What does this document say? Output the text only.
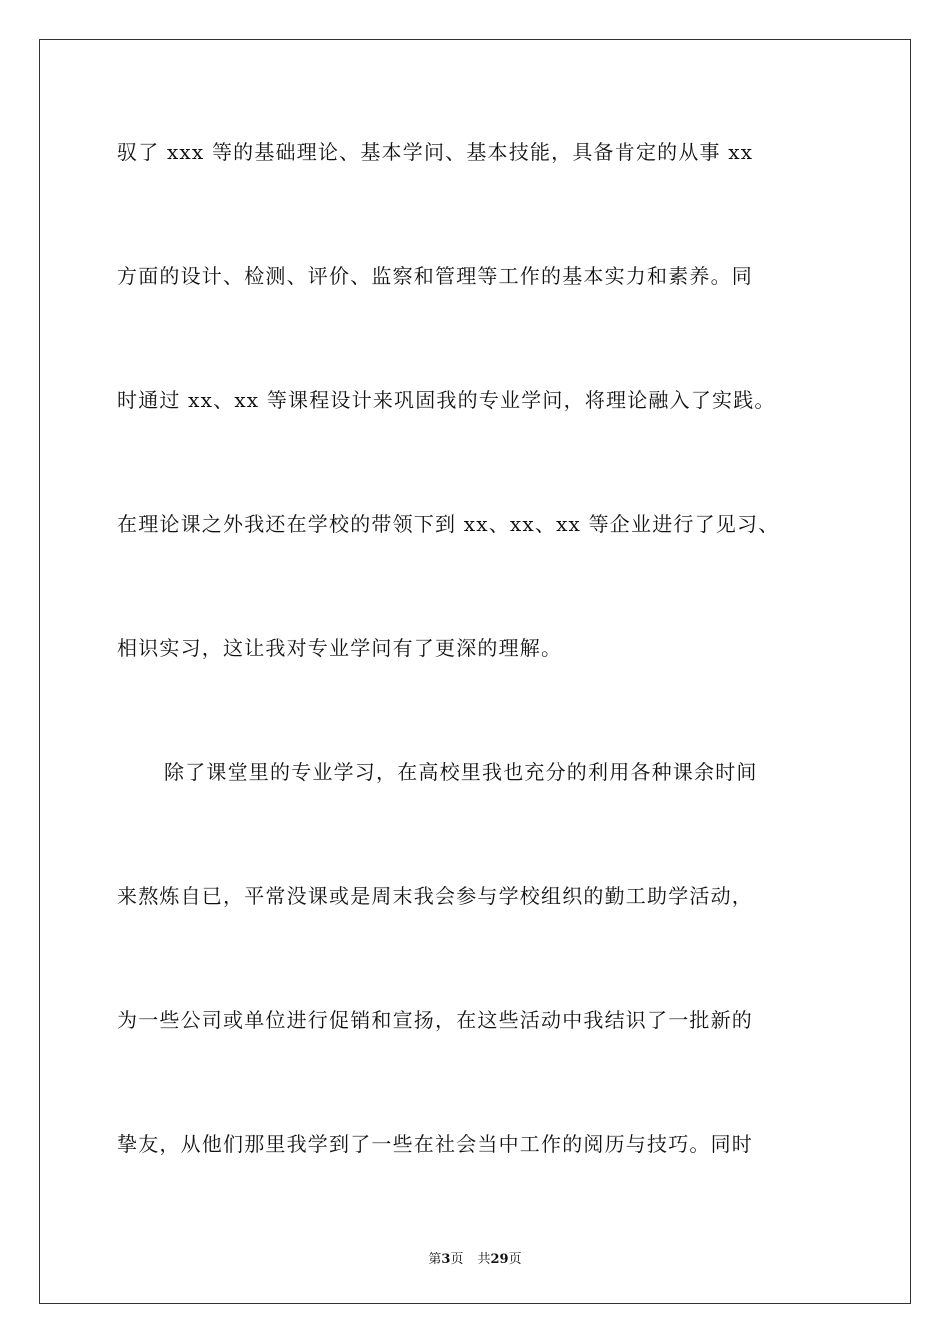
驭了 xxx 等的基础理论、基本学问、基本技能，具备肯定的从事 xx
方面的设计、检测、评价、监察和管理等工作的基本实力和素养。同
时通过 xx、xx 等课程设计来巩固我的专业学问，将理论融入了实践。
在理论课之外我还在学校的带领下到 xx、xx、xx 等企业进行了见习、
相识实习，这让我对专业学问有了更深的理解。
除了课堂里的专业学习，在高校里我也充分的利用各种课余时间
来熬炼自已，平常没课或是周末我会参与学校组织的勤工助学活动，
为一些公司或单位进行促销和宣扬，在这些活动中我结识了一批新的
挚友，从他们那里我学到了一些在社会当中工作的阅历与技巧。同时
第3页 共29页
